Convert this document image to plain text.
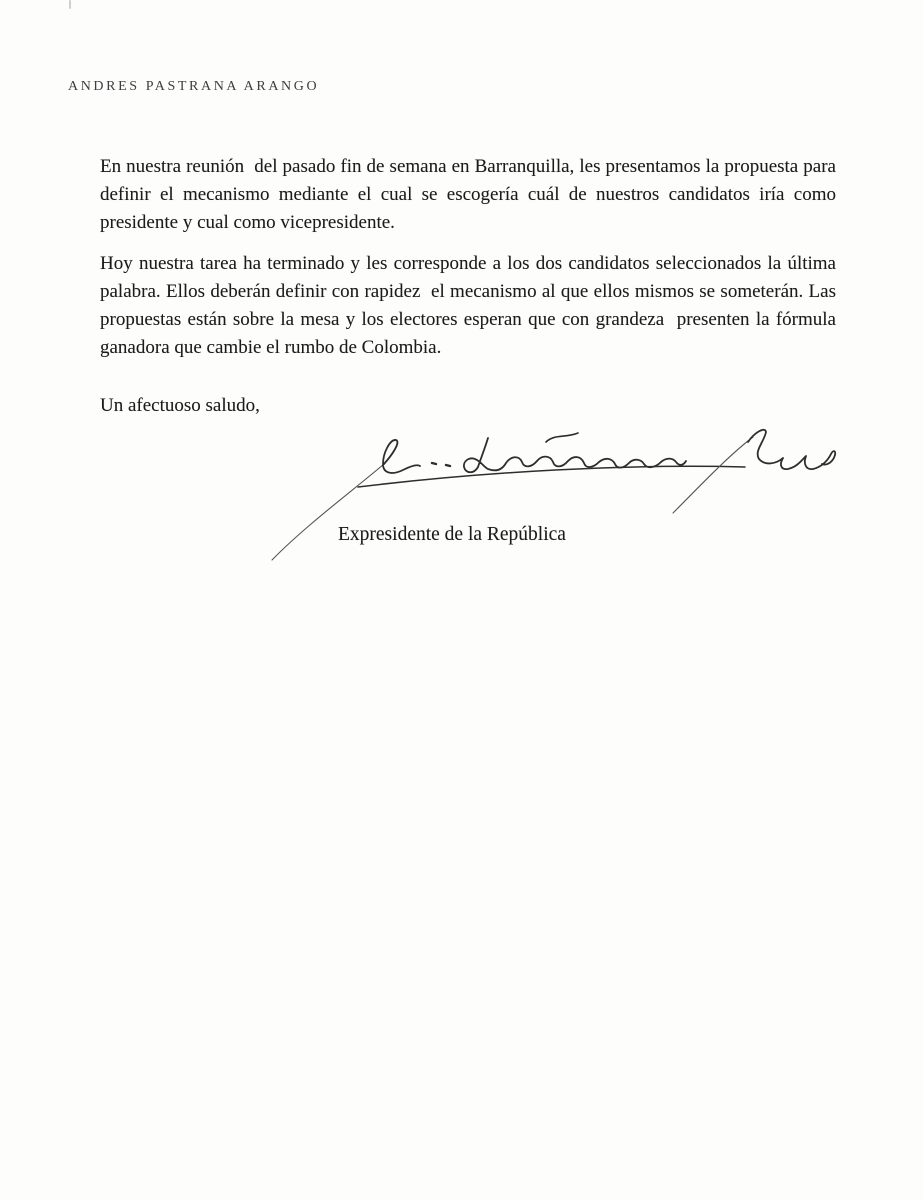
ANDRES PASTRANA ARANGO

En nuestra reunión  del pasado fin de semana en Barranquilla, les presentamos la propuesta para definir el mecanismo mediante el cual se escogería cuál de nuestros candidatos iría como presidente y cual como vicepresidente.

Hoy nuestra tarea ha terminado y les corresponde a los dos candidatos seleccionados la última palabra. Ellos deberán definir con rapidez  el mecanismo al que ellos mismos se someterán. Las propuestas están sobre la mesa y los electores esperan que con grandeza  presenten la fórmula ganadora que cambie el rumbo de Colombia.

Un afectuoso saludo,

Expresidente de la República
